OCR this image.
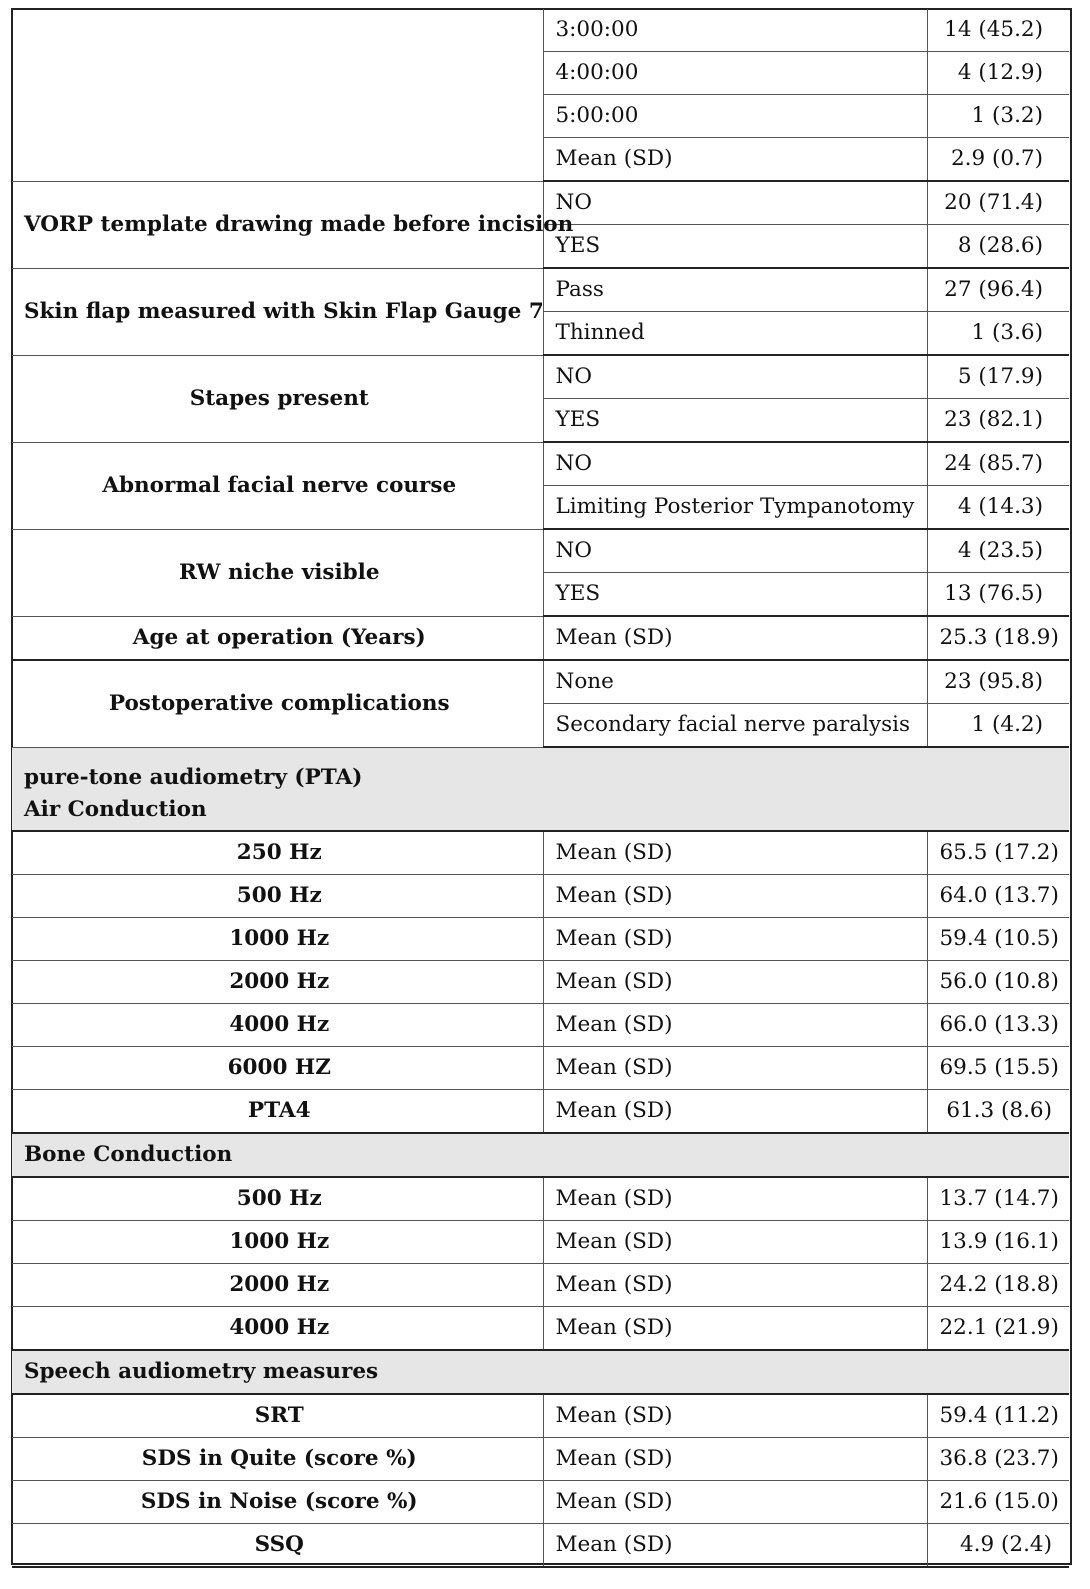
	3:00:00	14 (45.2)
	4:00:00	4 (12.9)
	5:00:00	1 (3.2)
	Mean (SD)	2.9 (0.7)
VORP template drawing made before incision	NO	20 (71.4)
	YES	8 (28.6)
Skin flap measured with Skin Flap Gauge 7	Pass	27 (96.4)
	Thinned	1 (3.6)
Stapes present	NO	5 (17.9)
	YES	23 (82.1)
Abnormal facial nerve course	NO	24 (85.7)
	Limiting Posterior Tympanotomy	4 (14.3)
RW niche visible	NO	4 (23.5)
	YES	13 (76.5)
Age at operation (Years)	Mean (SD)	25.3 (18.9)
Postoperative complications	None	23 (95.8)
	Secondary facial nerve paralysis	1 (4.2)
pure-tone audiometry (PTA)		
Air Conduction		
250 Hz	Mean (SD)	65.5 (17.2)
500 Hz	Mean (SD)	64.0 (13.7)
1000 Hz	Mean (SD)	59.4 (10.5)
2000 Hz	Mean (SD)	56.0 (10.8)
4000 Hz	Mean (SD)	66.0 (13.3)
6000 HZ	Mean (SD)	69.5 (15.5)
PTA4	Mean (SD)	61.3 (8.6)
Bone Conduction		
500 Hz	Mean (SD)	13.7 (14.7)
1000 Hz	Mean (SD)	13.9 (16.1)
2000 Hz	Mean (SD)	24.2 (18.8)
4000 Hz	Mean (SD)	22.1 (21.9)
Speech audiometry measures		
SRT	Mean (SD)	59.4 (11.2)
SDS in Quite (score %)	Mean (SD)	36.8 (23.7)
SDS in Noise (score %)	Mean (SD)	21.6 (15.0)
SSQ	Mean (SD)	4.9 (2.4)
